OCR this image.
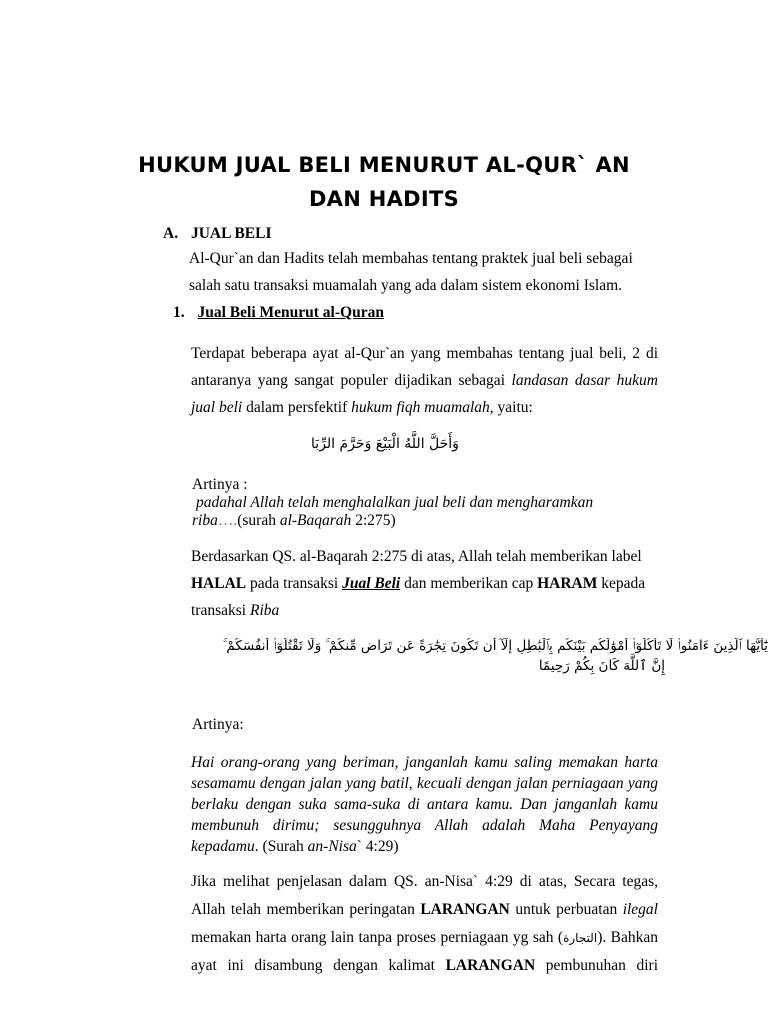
HUKUM JUAL BELI MENURUT AL-QUR` AN DAN HADITS
A. JUAL BELI
Al-Qur`an dan Hadits telah membahas tentang praktek jual beli sebagai
salah satu transaksi muamalah yang ada dalam sistem ekonomi Islam.
1. Jual Beli Menurut al-Quran
Terdapat beberapa ayat al-Qur`an yang membahas tentang jual beli, 2 di
antaranya yang sangat populer dijadikan sebagai landasan dasar hukum
jual beli dalam persfektif hukum fiqh muamalah, yaitu:
وَأَحَلَّ اللَّهُ الْبَيْعَ وَحَرَّمَ الرِّبَا
Artinya :
padahal Allah telah menghalalkan jual beli dan mengharamkan
riba….(surah al-Baqarah 2:275)
Berdasarkan QS. al-Baqarah 2:275 di atas, Allah telah memberikan label
HALAL pada transaksi Jual Beli dan memberikan cap HARAM kepada
transaksi Riba
يَٰٓأَيُّهَا ٱلَّذِينَ ءَامَنُوا۟ لَا تَأْكُلُوٓا۟ أَمْوَٰلَكُم بَيْنَكُم بِٱلْبَٰطِلِ إِلَّآ أَن تَكُونَ تِجَٰرَةً عَن تَرَاضٍ مِّنكُمْ ۚ وَلَا تَقْتُلُوٓا۟ أَنفُسَكُمْ ۚ
إِنَّ ٱللَّهَ كَانَ بِكُمْ رَحِيمًا
Artinya:
Hai orang-orang yang beriman, janganlah kamu saling memakan harta
sesamamu dengan jalan yang batil, kecuali dengan jalan perniagaan yang
berlaku dengan suka sama-suka di antara kamu. Dan janganlah kamu
membunuh dirimu; sesungguhnya Allah adalah Maha Penyayang
kepadamu. (Surah an-Nisa` 4:29)
Jika melihat penjelasan dalam QS. an-Nisa` 4:29 di atas, Secara tegas,
Allah telah memberikan peringatan LARANGAN untuk perbuatan ilegal
memakan harta orang lain tanpa proses perniagaan yg sah (التجارة). Bahkan
ayat ini disambung dengan kalimat LARANGAN pembunuhan diri
